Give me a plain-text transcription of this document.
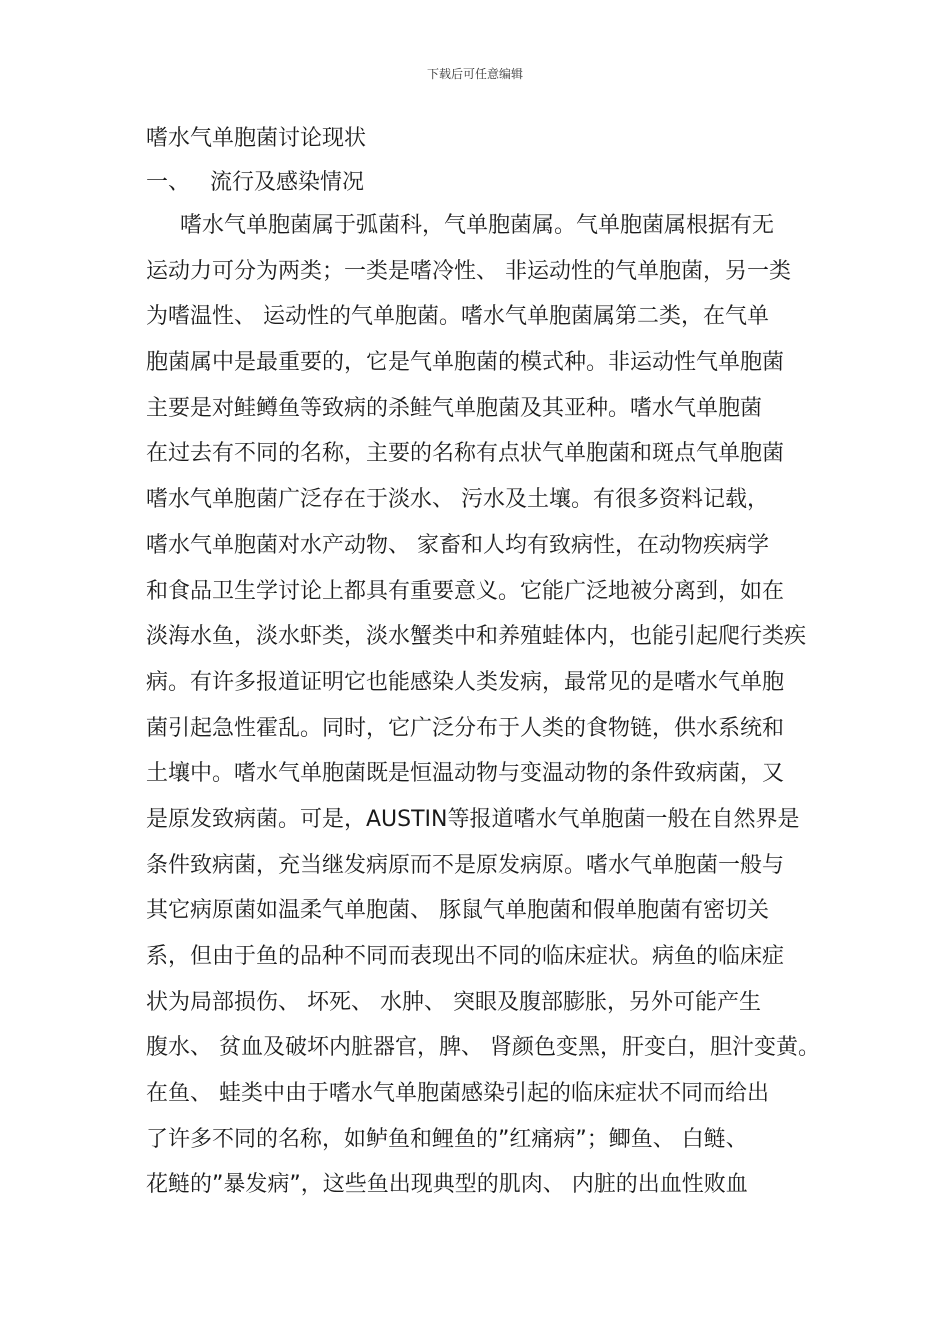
下载后可任意编辑
嗜水气单胞菌讨论现状
一、 流行及感染情况
嗜水气单胞菌属于弧菌科，气单胞菌属。气单胞菌属根据有无
运动力可分为两类；一类是嗜冷性、 非运动性的气单胞菌，另一类
为嗜温性、 运动性的气单胞菌。嗜水气单胞菌属第二类，在气单
胞菌属中是最重要的，它是气单胞菌的模式种。非运动性气单胞菌
主要是对鲑鳟鱼等致病的杀鲑气单胞菌及其亚种。嗜水气单胞菌
在过去有不同的名称，主要的名称有点状气单胞菌和斑点气单胞菌
嗜水气单胞菌广泛存在于淡水、 污水及土壤。有很多资料记载，
嗜水气单胞菌对水产动物、 家畜和人均有致病性，在动物疾病学
和食品卫生学讨论上都具有重要意义。它能广泛地被分离到，如在
淡海水鱼，淡水虾类，淡水蟹类中和养殖蛙体内，也能引起爬行类疾
病。有许多报道证明它也能感染人类发病，最常见的是嗜水气单胞
菌引起急性霍乱。同时，它广泛分布于人类的食物链，供水系统和
土壤中。嗜水气单胞菌既是恒温动物与变温动物的条件致病菌，又
是原发致病菌。可是，AUSTIN等报道嗜水气单胞菌一般在自然界是
条件致病菌，充当继发病原而不是原发病原。嗜水气单胞菌一般与
其它病原菌如温柔气单胞菌、 豚鼠气单胞菌和假单胞菌有密切关
系，但由于鱼的品种不同而表现出不同的临床症状。病鱼的临床症
状为局部损伤、 坏死、 水肿、 突眼及腹部膨胀，另外可能产生
腹水、 贫血及破坏内脏器官，脾、 肾颜色变黑，肝变白，胆汁变黄。
在鱼、 蛙类中由于嗜水气单胞菌感染引起的临床症状不同而给出
了许多不同的名称，如鲈鱼和鲤鱼的”红痛病”；鲫鱼、 白鲢、
花鲢的”暴发病”，这些鱼出现典型的肌肉、 内脏的出血性败血
